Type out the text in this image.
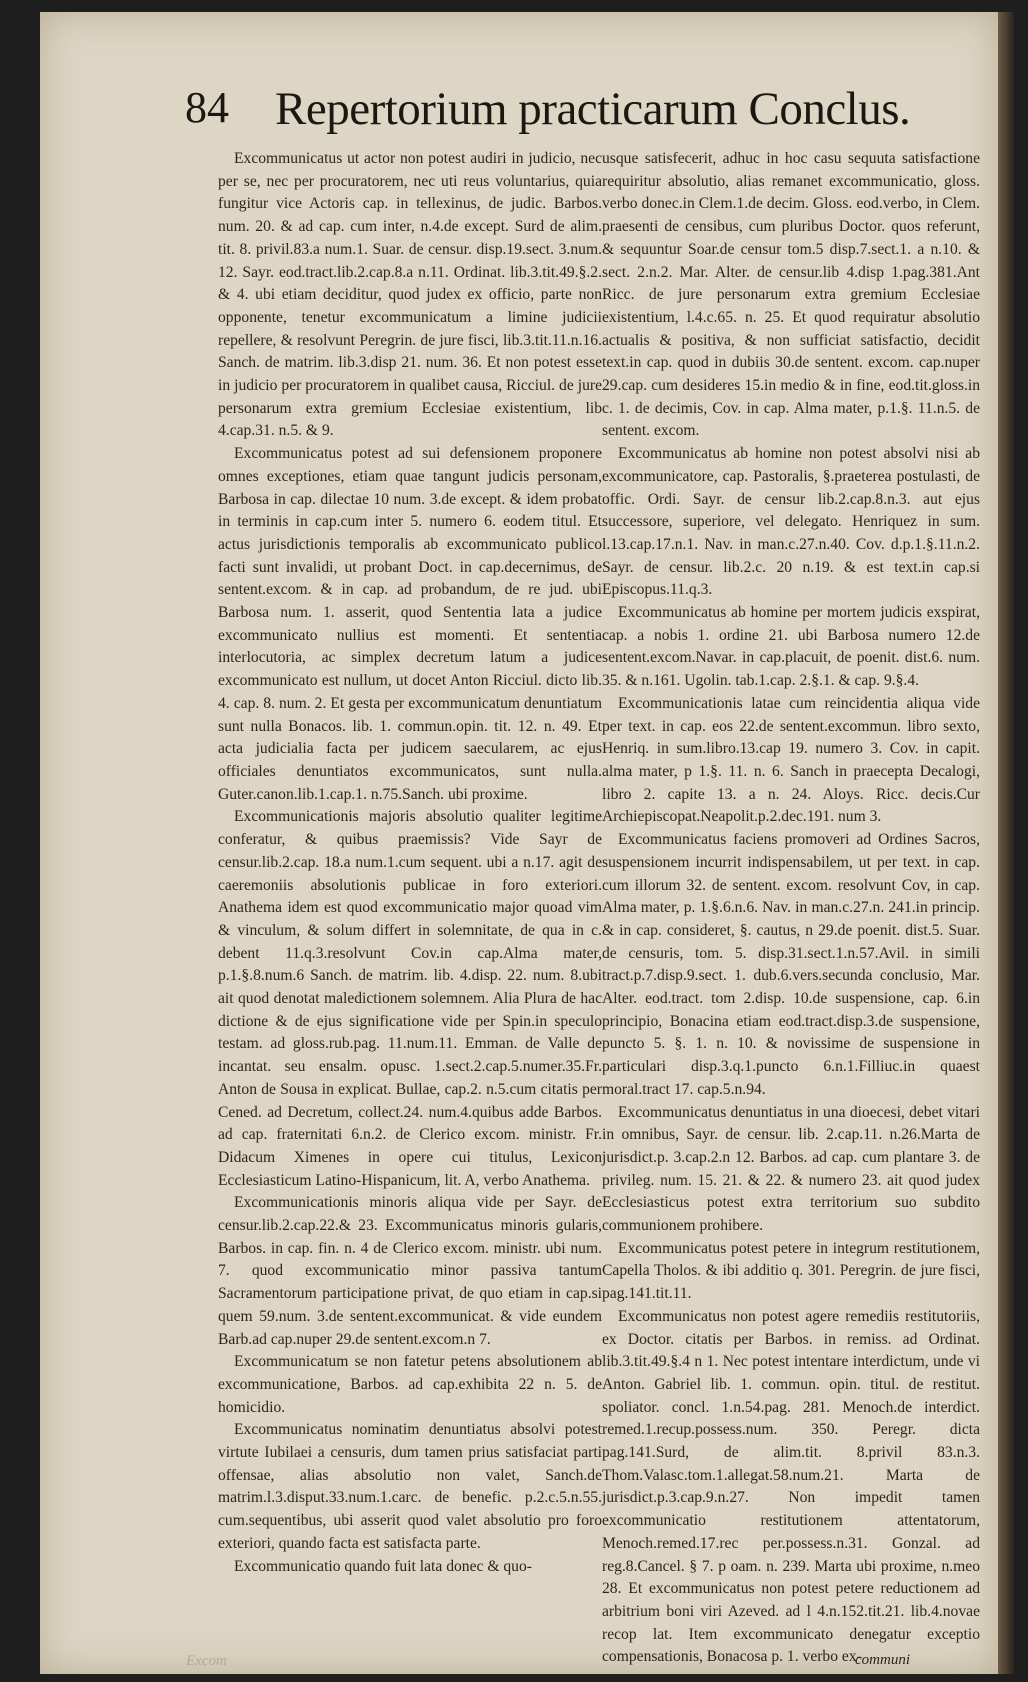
84 Repertorium practicarum Conclus.

Excommunicatus ut actor non potest audiri in judicio, nec per se, nec per procuratorem, nec uti reus voluntarius, quia fungitur vice Actoris cap. in tellexinus, de judic. Barbos. num. 20. & ad cap. cum inter, n.4.de except. Surd de alim. tit. 8. privil.83.a num.1. Suar. de censur. disp.19.sect. 3.num. 12. Sayr. eod.tract.lib.2.cap.8.a n.11. Ordinat. lib.3.tit.49.§.2. & 4. ubi etiam deciditur, quod judex ex officio, parte non opponente, tenetur excommunicatum a limine judicii repellere, & resolvunt Peregrin. de jure fisci, lib.3.tit.11.n.16. Sanch. de matrim. lib.3.disp 21. num. 36. Et non potest esse in judicio per procuratorem in qualibet causa, Ricciul. de jure personarum extra gremium Ecclesiae existentium, lib 4.cap.31. n.5. & 9.

Excommunicatus potest ad sui defensionem proponere omnes exceptiones, etiam quae tangunt judicis personam, Barbosa in cap. dilectae 10 num. 3.de except. & idem probat in terminis in cap.cum inter 5. numero 6. eodem titul. Et actus jurisdictionis temporalis ab excommunicato publico facti sunt invalidi, ut probant Doct. in cap.decernimus, de sentent.excom. & in cap. ad probandum, de re jud. ubi Barbosa num. 1. asserit, quod Sententia lata a judice excommunicato nullius est momenti. Et sententia interlocutoria, ac simplex decretum latum a judice excommunicato est nullum, ut docet Anton Ricciul. dicto lib. 4. cap. 8. num. 2. Et gesta per excommunicatum denuntiatum sunt nulla Bonacos. lib. 1. commun.opin. tit. 12. n. 49. Et acta judicialia facta per judicem saecularem, ac ejus officiales denuntiatos excommunicatos, sunt nulla. Guter.canon.lib.1.cap.1. n.75.Sanch. ubi proxime.

Excommunicationis majoris absolutio qualiter legitime conferatur, & quibus praemissis? Vide Sayr de censur.lib.2.cap. 18.a num.1.cum sequent. ubi a n.17. agit de caeremoniis absolutionis publicae in foro exteriori. Anathema idem est quod excommunicatio major quoad vim & vinculum, & solum differt in solemnitate, de qua in c. debent 11.q.3.resolvunt Cov.in cap.Alma mater, p.1.§.8.num.6 Sanch. de matrim. lib. 4.disp. 22. num. 8.ubi ait quod denotat maledictionem solemnem. Alia Plura de hac dictione & de ejus significatione vide per Spin.in speculo testam. ad gloss.rub.pag. 11.num.11. Emman. de Valle de incantat. seu ensalm. opusc. 1.sect.2.cap.5.numer.35.Fr. Anton de Sousa in explicat. Bullae, cap.2. n.5.cum citatis per Cened. ad Decretum, collect.24. num.4.quibus adde Barbos. ad cap. fraternitati 6.n.2. de Clerico excom. ministr. Fr. Didacum Ximenes in opere cui titulus, Lexicon Ecclesiasticum Latino-Hispanicum, lit. A, verbo Anathema.

Excommunicationis minoris aliqua vide per Sayr. de censur.lib.2.cap.22.& 23. Excommunicatus minoris gularis, Barbos. in cap. fin. n. 4 de Clerico excom. ministr. ubi num. 7. quod excommunicatio minor passiva tantum Sacramentorum participatione privat, de quo etiam in cap.si quem 59.num. 3.de sentent.excommunicat. & vide eundem Barb.ad cap.nuper 29.de sentent.excom.n 7.

Excommunicatum se non fatetur petens absolutionem ab excommunicatione, Barbos. ad cap.exhibita 22 n. 5. de homicidio.

Excommunicatus nominatim denuntiatus absolvi potest virtute Iubilaei a censuris, dum tamen prius satisfaciat parti offensae, alias absolutio non valet, Sanch.de matrim.l.3.disput.33.num.1.carc. de benefic. p.2.c.5.n.55. cum.sequentibus, ubi asserit quod valet absolutio pro foro exteriori, quando facta est satisfacta parte.

Excommunicatio quando fuit lata donec & quo-

usque satisfecerit, adhuc in hoc casu sequuta satisfactione requiritur absolutio, alias remanet excommunicatio, gloss. verbo donec.in Clem.1.de decim. Gloss. eod.verbo, in Clem. praesenti de censibus, cum pluribus Doctor. quos referunt, & sequuntur Soar.de censur tom.5 disp.7.sect.1. a n.10. & sect. 2.n.2. Mar. Alter. de censur.lib 4.disp 1.pag.381.Ant Ricc. de jure personarum extra gremium Ecclesiae existentium, l.4.c.65. n. 25. Et quod requiratur absolutio actualis & positiva, & non sufficiat satisfactio, decidit text.in cap. quod in dubiis 30.de sentent. excom. cap.nuper 29.cap. cum desideres 15.in medio & in fine, eod.tit.gloss.in c. 1. de decimis, Cov. in cap. Alma mater, p.1.§. 11.n.5. de sentent. excom.

Excommunicatus ab homine non potest absolvi nisi ab excommunicatore, cap. Pastoralis, §.praeterea postulasti, de offic. Ordi. Sayr. de censur lib.2.cap.8.n.3. aut ejus successore, superiore, vel delegato. Henriquez in sum. l.13.cap.17.n.1. Nav. in man.c.27.n.40. Cov. d.p.1.§.11.n.2. Sayr. de censur. lib.2.c. 20 n.19. & est text.in cap.si Episcopus.11.q.3.

Excommunicatus ab homine per mortem judicis exspirat, cap. a nobis 1. ordine 21. ubi Barbosa numero 12.de sentent.excom.Navar. in cap.placuit, de poenit. dist.6. num. 35. & n.161. Ugolin. tab.1.cap. 2.§.1. & cap. 9.§.4.

Excommunicationis latae cum reincidentia aliqua vide per text. in cap. eos 22.de sentent.excommun. libro sexto, Henriq. in sum.libro.13.cap 19. numero 3. Cov. in capit. alma mater, p 1.§. 11. n. 6. Sanch in praecepta Decalogi, libro 2. capite 13. a n. 24. Aloys. Ricc. decis.Cur Archiepiscopat.Neapolit.p.2.dec.191. num 3.

Excommunicatus faciens promoveri ad Ordines Sacros, suspensionem incurrit indispensabilem, ut per text. in cap. cum illorum 32. de sentent. excom. resolvunt Cov, in cap. Alma mater, p. 1.§.6.n.6. Nav. in man.c.27.n. 241.in princip. & in cap. consideret, §. cautus, n 29.de poenit. dist.5. Suar. de censuris, tom. 5. disp.31.sect.1.n.57.Avil. in simili tract.p.7.disp.9.sect. 1. dub.6.vers.secunda conclusio, Mar. Alter. eod.tract. tom 2.disp. 10.de suspensione, cap. 6.in principio, Bonacina etiam eod.tract.disp.3.de suspensione, puncto 5. §. 1. n. 10. & novissime de suspensione in particulari disp.3.q.1.puncto 6.n.1.Filliuc.in quaest moral.tract 17. cap.5.n.94.

Excommunicatus denuntiatus in una dioecesi, debet vitari in omnibus, Sayr. de censur. lib. 2.cap.11. n.26.Marta de jurisdict.p. 3.cap.2.n 12. Barbos. ad cap. cum plantare 3. de privileg. num. 15. 21. & 22. & numero 23. ait quod judex Ecclesiasticus potest extra territorium suo subdito communionem prohibere.

Excommunicatus potest petere in integrum restitutionem, Capella Tholos. & ibi additio q. 301. Peregrin. de jure fisci, pag.141.tit.11.

Excommunicatus non potest agere remediis restitutoriis, ex Doctor. citatis per Barbos. in remiss. ad Ordinat. lib.3.tit.49.§.4 n 1. Nec potest intentare interdictum, unde vi Anton. Gabriel lib. 1. commun. opin. titul. de restitut. spoliator. concl. 1.n.54.pag. 281. Menoch.de interdict. remed.1.recup.possess.num. 350. Peregr. dicta pag.141.Surd, de alim.tit. 8.privil 83.n.3. Thom.Valasc.tom.1.allegat.58.num.21. Marta de jurisdict.p.3.cap.9.n.27. Non impedit tamen excommunicatio restitutionem attentatorum, Menoch.remed.17.rec per.possess.n.31. Gonzal. ad reg.8.Cancel. § 7. p oam. n. 239. Marta ubi proxime, n.meo 28. Et excommunicatus non potest petere reductionem ad arbitrium boni viri Azeved. ad l 4.n.152.tit.21. lib.4.novae recop lat. Item excommunicato denegatur exceptio compensationis, Bonacosa p. 1. verbo ex-

Excom	communi
